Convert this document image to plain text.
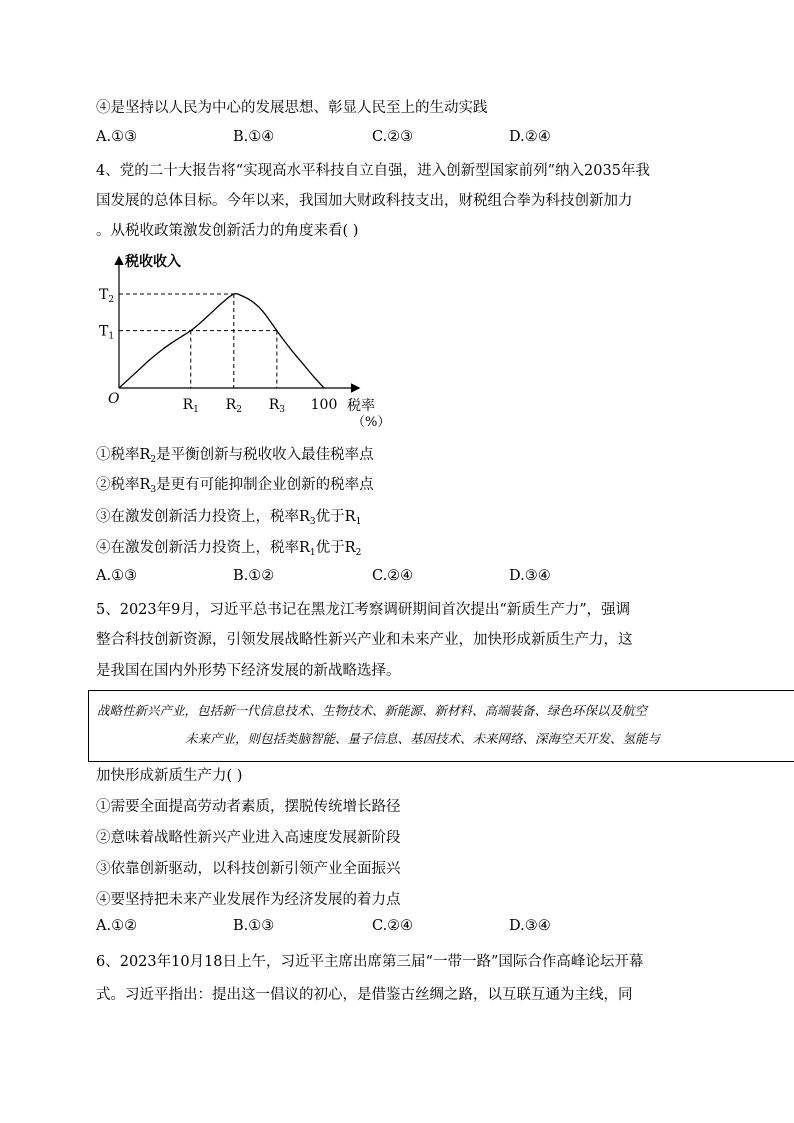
④是坚持以人民为中心的发展思想、彰显人民至上的生动实践
A.①③	B.①④	C.②③	D.②④
4、党的二十大报告将“实现高水平科技自立自强，进入创新型国家前列”纳入2035年我
国发展的总体目标。今年以来，我国加大财政科技支出，财税组合拳为科技创新加力
。从税收政策激发创新活力的角度来看( )
$T_2$
$T_1$
$R_1$ $R_2$ $R_3$ 100
税收收入
O	税率
（%）
①税率$R_2$是平衡创新与税收收入最佳税率点
②税率$R_3$是更有可能抑制企业创新的税率点
③在激发创新活力投资上，税率$R_3$优于$R_1$
④在激发创新活力投资上，税率$R_1$优于$R_2$
A.①③	B.①②	C.②④	D.③④
5、2023年9月，习近平总书记在黑龙江考察调研期间首次提出“新质生产力”，强调
整合科技创新资源，引领发展战略性新兴产业和未来产业，加快形成新质生产力，这
是我国在国内外形势下经济发展的新战略选择。
战略性新兴产业，包括新一代信息技术、生物技术、新能源、新材料、高端装备、绿色环保以及航空
未来产业，则包括类脑智能、量子信息、基因技术、未来网络、深海空天开发、氢能与
加快形成新质生产力( )
①需要全面提高劳动者素质，摆脱传统增长路径
②意味着战略性新兴产业进入高速度发展新阶段
③依靠创新驱动，以科技创新引领产业全面振兴
④要坚持把未来产业发展作为经济发展的着力点
A.①②	B.①③	C.②④	D.③④
6、2023年10月18日上午，习近平主席出席第三届“一带一路”国际合作高峰论坛开幕
式。习近平指出：提出这一倡议的初心，是借鉴古丝绸之路，以互联互通为主线，同
